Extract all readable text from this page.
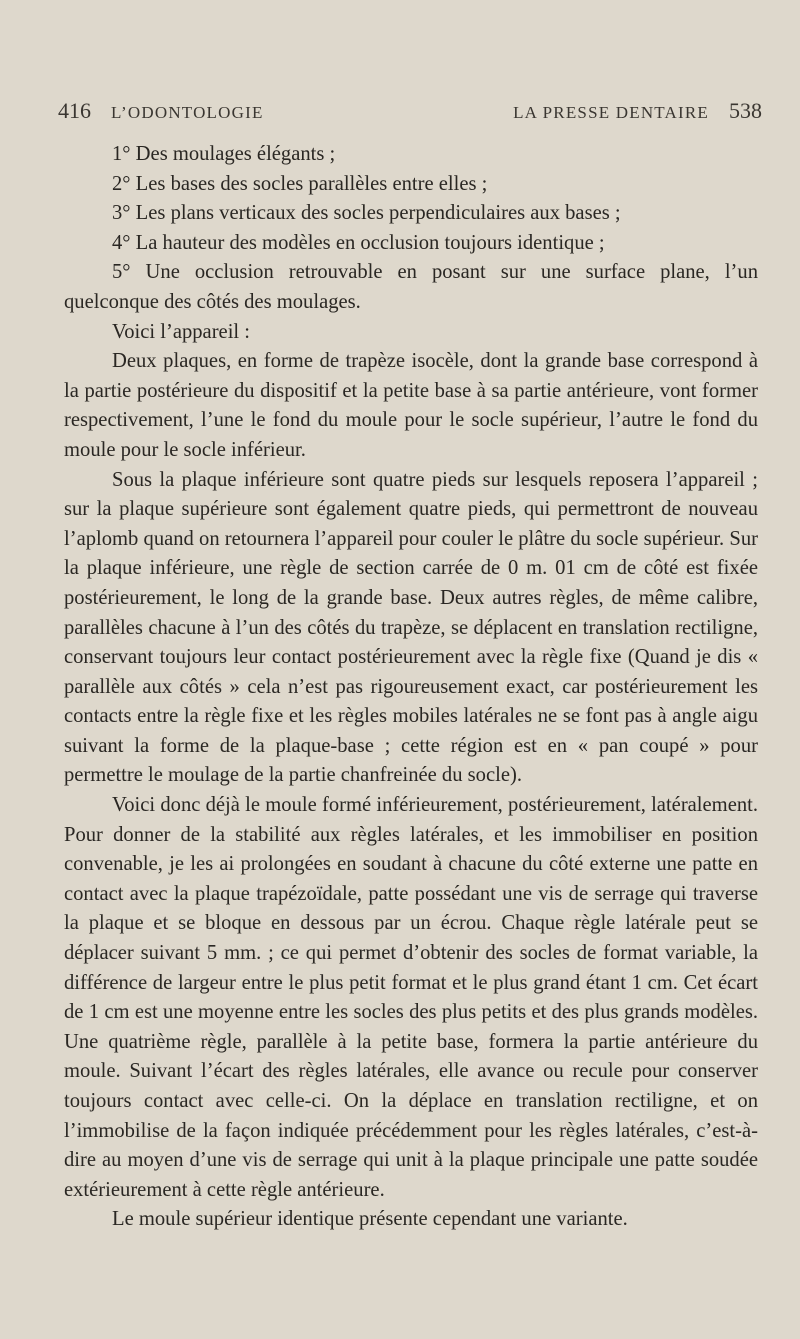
416 L’ODONTOLOGIE	LA PRESSE DENTAIRE 538

1° Des moulages élégants ;

2° Les bases des socles parallèles entre elles ;

3° Les plans verticaux des socles perpendiculaires aux bases ;

4° La hauteur des modèles en occlusion toujours identique ;

5° Une occlusion retrouvable en posant sur une surface plane, l’un quelconque des côtés des moulages.

Voici l’appareil :

Deux plaques, en forme de trapèze isocèle, dont la grande base correspond à la partie postérieure du dispositif et la petite base à sa partie antérieure, vont former respectivement, l’une le fond du moule pour le socle supérieur, l’autre le fond du moule pour le socle inférieur.

Sous la plaque inférieure sont quatre pieds sur lesquels reposera l’appareil ; sur la plaque supérieure sont également quatre pieds, qui permettront de nouveau l’aplomb quand on retournera l’appareil pour couler le plâtre du socle supérieur. Sur la plaque inférieure, une règle de section carrée de 0 m. 01 cm de côté est fixée postérieurement, le long de la grande base. Deux autres règles, de même calibre, parallèles chacune à l’un des côtés du trapèze, se déplacent en translation rectiligne, conservant toujours leur contact postérieurement avec la règle fixe (Quand je dis « parallèle aux côtés » cela n’est pas rigoureusement exact, car postérieurement les contacts entre la règle fixe et les règles mobiles latérales ne se font pas à angle aigu suivant la forme de la plaque-base ; cette région est en « pan coupé » pour permettre le moulage de la partie chanfreinée du socle).

Voici donc déjà le moule formé inférieurement, postérieurement, latéralement. Pour donner de la stabilité aux règles latérales, et les immobiliser en position convenable, je les ai prolongées en soudant à chacune du côté externe une patte en contact avec la plaque trapézoïdale, patte possédant une vis de serrage qui traverse la plaque et se bloque en dessous par un écrou. Chaque règle latérale peut se déplacer suivant 5 mm. ; ce qui permet d’obtenir des socles de format variable, la différence de largeur entre le plus petit format et le plus grand étant 1 cm. Cet écart de 1 cm est une moyenne entre les socles des plus petits et des plus grands modèles. Une quatrième règle, parallèle à la petite base, formera la partie antérieure du moule. Suivant l’écart des règles latérales, elle avance ou recule pour conserver toujours contact avec celle-ci. On la déplace en translation rectiligne, et on l’immobilise de la façon indiquée précédemment pour les règles latérales, c’est-à-dire au moyen d’une vis de serrage qui unit à la plaque principale une patte soudée extérieurement à cette règle antérieure.

Le moule supérieur identique présente cependant une variante.
